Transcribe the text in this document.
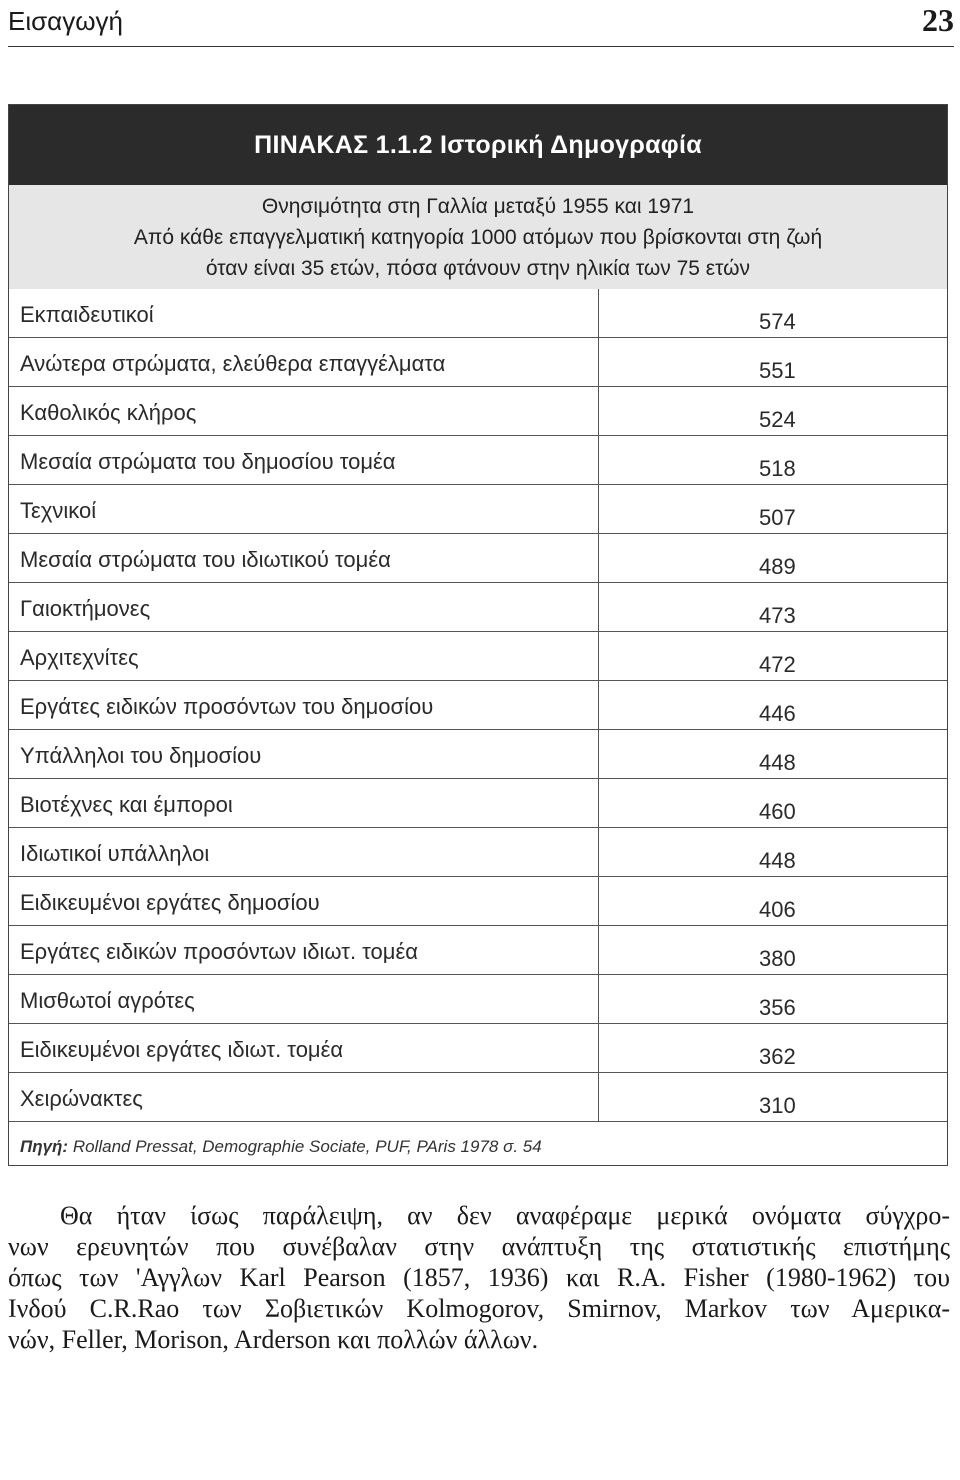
Εισαγωγή	23
ΠΙΝΑΚΑΣ 1.1.2 Ιστορική Δημογραφία
Θνησιμότητα στη Γαλλία μεταξύ 1955 και 1971
Από κάθε επαγγελματική κατηγορία 1000 ατόμων που βρίσκονται στη ζωή
όταν είναι 35 ετών, πόσα φτάνουν στην ηλικία των 75 ετών
Εκπαιδευτικοί	574
Ανώτερα στρώματα, ελεύθερα επαγγέλματα	551
Καθολικός κλήρος	524
Μεσαία στρώματα του δημοσίου τομέα	518
Τεχνικοί	507
Μεσαία στρώματα του ιδιωτικού τομέα	489
Γαιοκτήμονες	473
Αρχιτεχνίτες	472
Εργάτες ειδικών προσόντων του δημοσίου	446
Υπάλληλοι του δημοσίου	448
Βιοτέχνες και έμποροι	460
Ιδιωτικοί υπάλληλοι	448
Ειδικευμένοι εργάτες δημοσίου	406
Εργάτες ειδικών προσόντων ιδιωτ. τομέα	380
Μισθωτοί αγρότες	356
Ειδικευμένοι εργάτες ιδιωτ. τομέα	362
Χειρώνακτες	310
Πηγή:
Rolland Pressat, Demographie Sociate, PUF, PAris 1978 σ. 54
Θα ήταν ίσως παράλειψη, αν δεν αναφέραμε μερικά ονόματα σύγχρο-
νων ερευνητών που συνέβαλαν στην ανάπτυξη της στατιστικής επιστήμης
όπως των 'Αγγλων Karl Pearson (1857, 1936) και R.A. Fisher (1980-1962) του
Ινδού C.R.Rao των Σοβιετικών Kolmogorov, Smirnov, Markov των Αμερικα-
νών, Feller, Morison, Arderson και πολλών άλλων.
